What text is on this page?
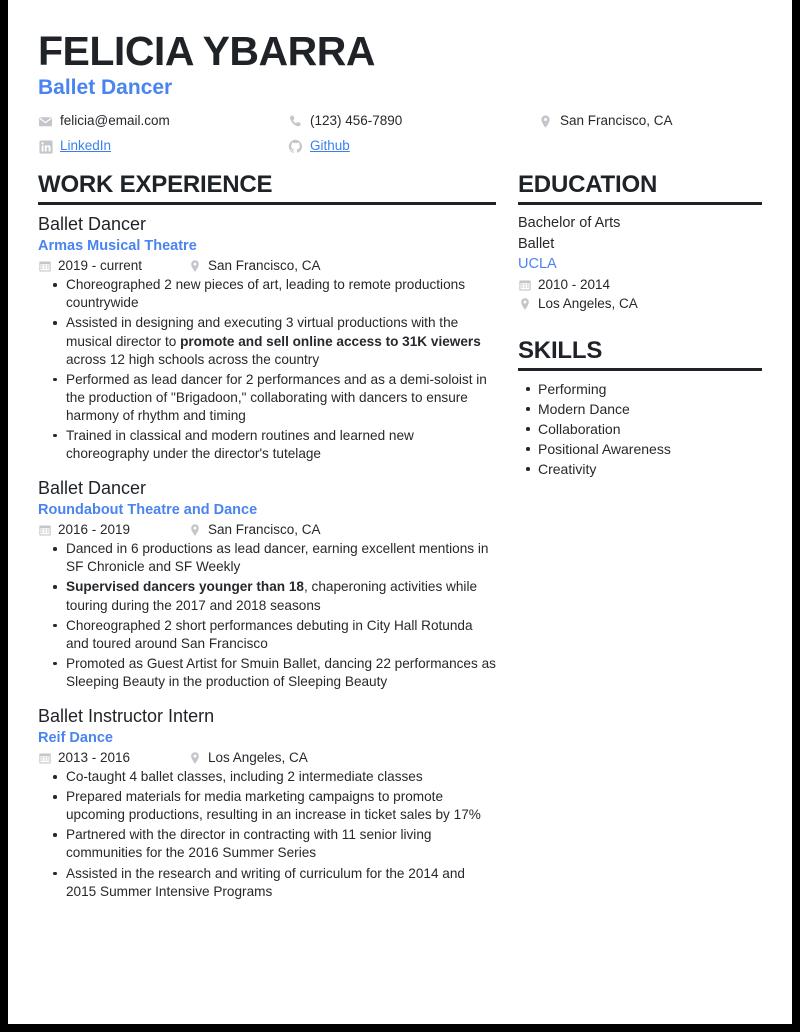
FELICIA YBARRA
Ballet Dancer
felicia@email.com	(123) 456-7890	San Francisco, CA
LinkedIn	Github
WORK EXPERIENCE
Ballet Dancer
Armas Musical Theatre
2019 - current	San Francisco, CA
Choreographed 2 new pieces of art, leading to remote productions countrywide
Assisted in designing and executing 3 virtual productions with the musical director to promote and sell online access to 31K viewers across 12 high schools across the country
Performed as lead dancer for 2 performances and as a demi-soloist in the production of "Brigadoon," collaborating with dancers to ensure harmony of rhythm and timing
Trained in classical and modern routines and learned new choreography under the director's tutelage
Ballet Dancer
Roundabout Theatre and Dance
2016 - 2019	San Francisco, CA
Danced in 6 productions as lead dancer, earning excellent mentions in SF Chronicle and SF Weekly
Supervised dancers younger than 18, chaperoning activities while touring during the 2017 and 2018 seasons
Choreographed 2 short performances debuting in City Hall Rotunda and toured around San Francisco
Promoted as Guest Artist for Smuin Ballet, dancing 22 performances as Sleeping Beauty in the production of Sleeping Beauty
Ballet Instructor Intern
Reif Dance
2013 - 2016	Los Angeles, CA
Co-taught 4 ballet classes, including 2 intermediate classes
Prepared materials for media marketing campaigns to promote upcoming productions, resulting in an increase in ticket sales by 17%
Partnered with the director in contracting with 11 senior living communities for the 2016 Summer Series
Assisted in the research and writing of curriculum for the 2014 and 2015 Summer Intensive Programs
EDUCATION
Bachelor of Arts
Ballet
UCLA
2010 - 2014
Los Angeles, CA
SKILLS
Performing
Modern Dance
Collaboration
Positional Awareness
Creativity
